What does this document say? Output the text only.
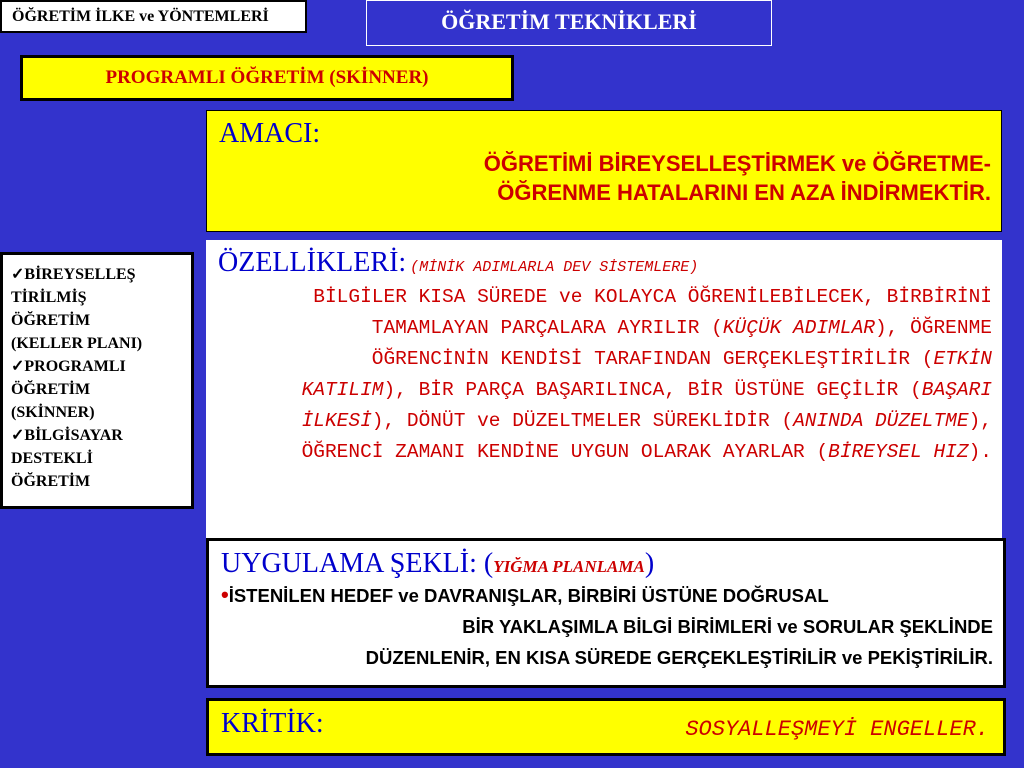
ÖĞRETİM İLKE ve YÖNTEMLERİ	ÖĞRETİM TEKNİKLERİ
PROGRAMLI ÖĞRETİM (SKİNNER)
AMACI:
ÖĞRETİMİ BİREYSELLEŞTİRMEK ve ÖĞRETME-
ÖĞRENME HATALARINI EN AZA İNDİRMEKTİR.
✓BİREYSELLEŞ
TİRİLMİŞ
ÖĞRETİM
(KELLER PLANI)
✓PROGRAMLI
ÖĞRETİM
(SKİNNER)
✓BİLGİSAYAR
DESTEKLİ
ÖĞRETİM
ÖZELLİKLERİ: (MİNİK ADIMLARLA DEV SİSTEMLERE)
BİLGİLER KISA SÜREDE ve KOLAYCA ÖĞRENİLEBİLECEK, BİRBİRİNİ
TAMAMLAYAN PARÇALARA AYRILIR (KÜÇÜK ADIMLAR), ÖĞRENME
ÖĞRENCİNİN KENDİSİ TARAFINDAN GERÇEKLEŞTİRİLİR (ETKİN
KATILIM), BİR PARÇA BAŞARILINCA, BİR ÜSTÜNE GEÇİLİR (BAŞARI
İLKESİ), DÖNÜT ve DÜZELTMELER SÜREKLİDİR (ANINDA DÜZELTME),
ÖĞRENCİ ZAMANI KENDİNE UYGUN OLARAK AYARLAR (BİREYSEL HIZ).
UYGULAMA ŞEKLİ: (YIĞMA PLANLAMA)
•İSTENİLEN HEDEF ve DAVRANIŞLAR, BİRBİRİ ÜSTÜNE DOĞRUSAL
BİR YAKLAŞIMLA BİLGİ BİRİMLERİ ve SORULAR ŞEKLİNDE
DÜZENLENİR, EN KISA SÜREDE GERÇEKLEŞTİRİLİR ve PEKİŞTİRİLİR.
KRİTİK:	SOSYALLEŞMEYİ ENGELLER.
